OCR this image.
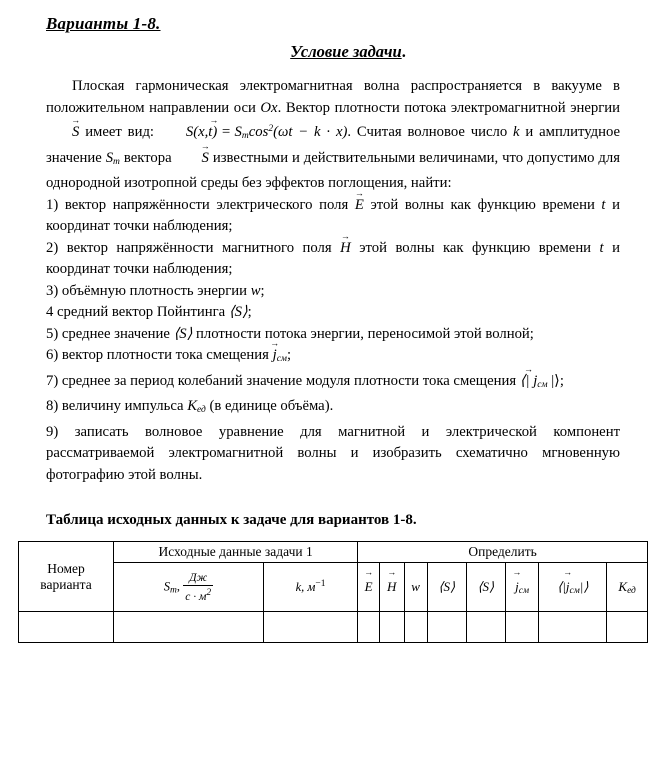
Варианты 1-8.
Условие задачи.
Плоская гармоническая электромагнитная волна распространяется в вакууме в положительном направлении оси Ox. Вектор плотности потока электромагнитной энергии → S имеет вид: → $S(x,t) = S_m\cos^2(\omega t - k \cdot x)$. Считая волновое число k и амплитудное значение $S_m$ вектора → S известными и действительными величинами, что допустимо для однородной изотропной среды без эффектов поглощения, найти:

1) вектор напряжённости электрического поля → E этой волны как функцию времени t и координат точки наблюдения;

2) вектор напряжённости магнитного поля → H этой волны как функцию времени t и координат точки наблюдения;

3) объёмную плотность энергии w;

4 средний вектор Пойнтинга ⟨S⟩;

5) среднее значение ⟨S⟩ плотности потока энергии, переносимой этой волной;

6) вектор плотности тока смещения → $j_{см}$;

7) среднее за период колебаний значение модуля плотности тока смещения → ⟨| $j_{см}$ |⟩;

8) величину импульса $K_{ед}$ (в единице объёма).

9) записать волновое уравнение для магнитной и электрической компонент рассматриваемой электромагнитной волны и изобразить схематично мгновенную фотографию этой волны.

Таблица исходных данных к задаче для вариантов 1-8.
Номер варианта	Исходные данные задачи 1		Определить							
	$S_m$, $\frac{Дж}{с \cdot м^2}$	k, $м^{-1}$	→ E	→ H	w	⟨S⟩	⟨S⟩	→ $j_{см}$	⟨|→ $j_{см}|⟩$	$K_{ед}$
